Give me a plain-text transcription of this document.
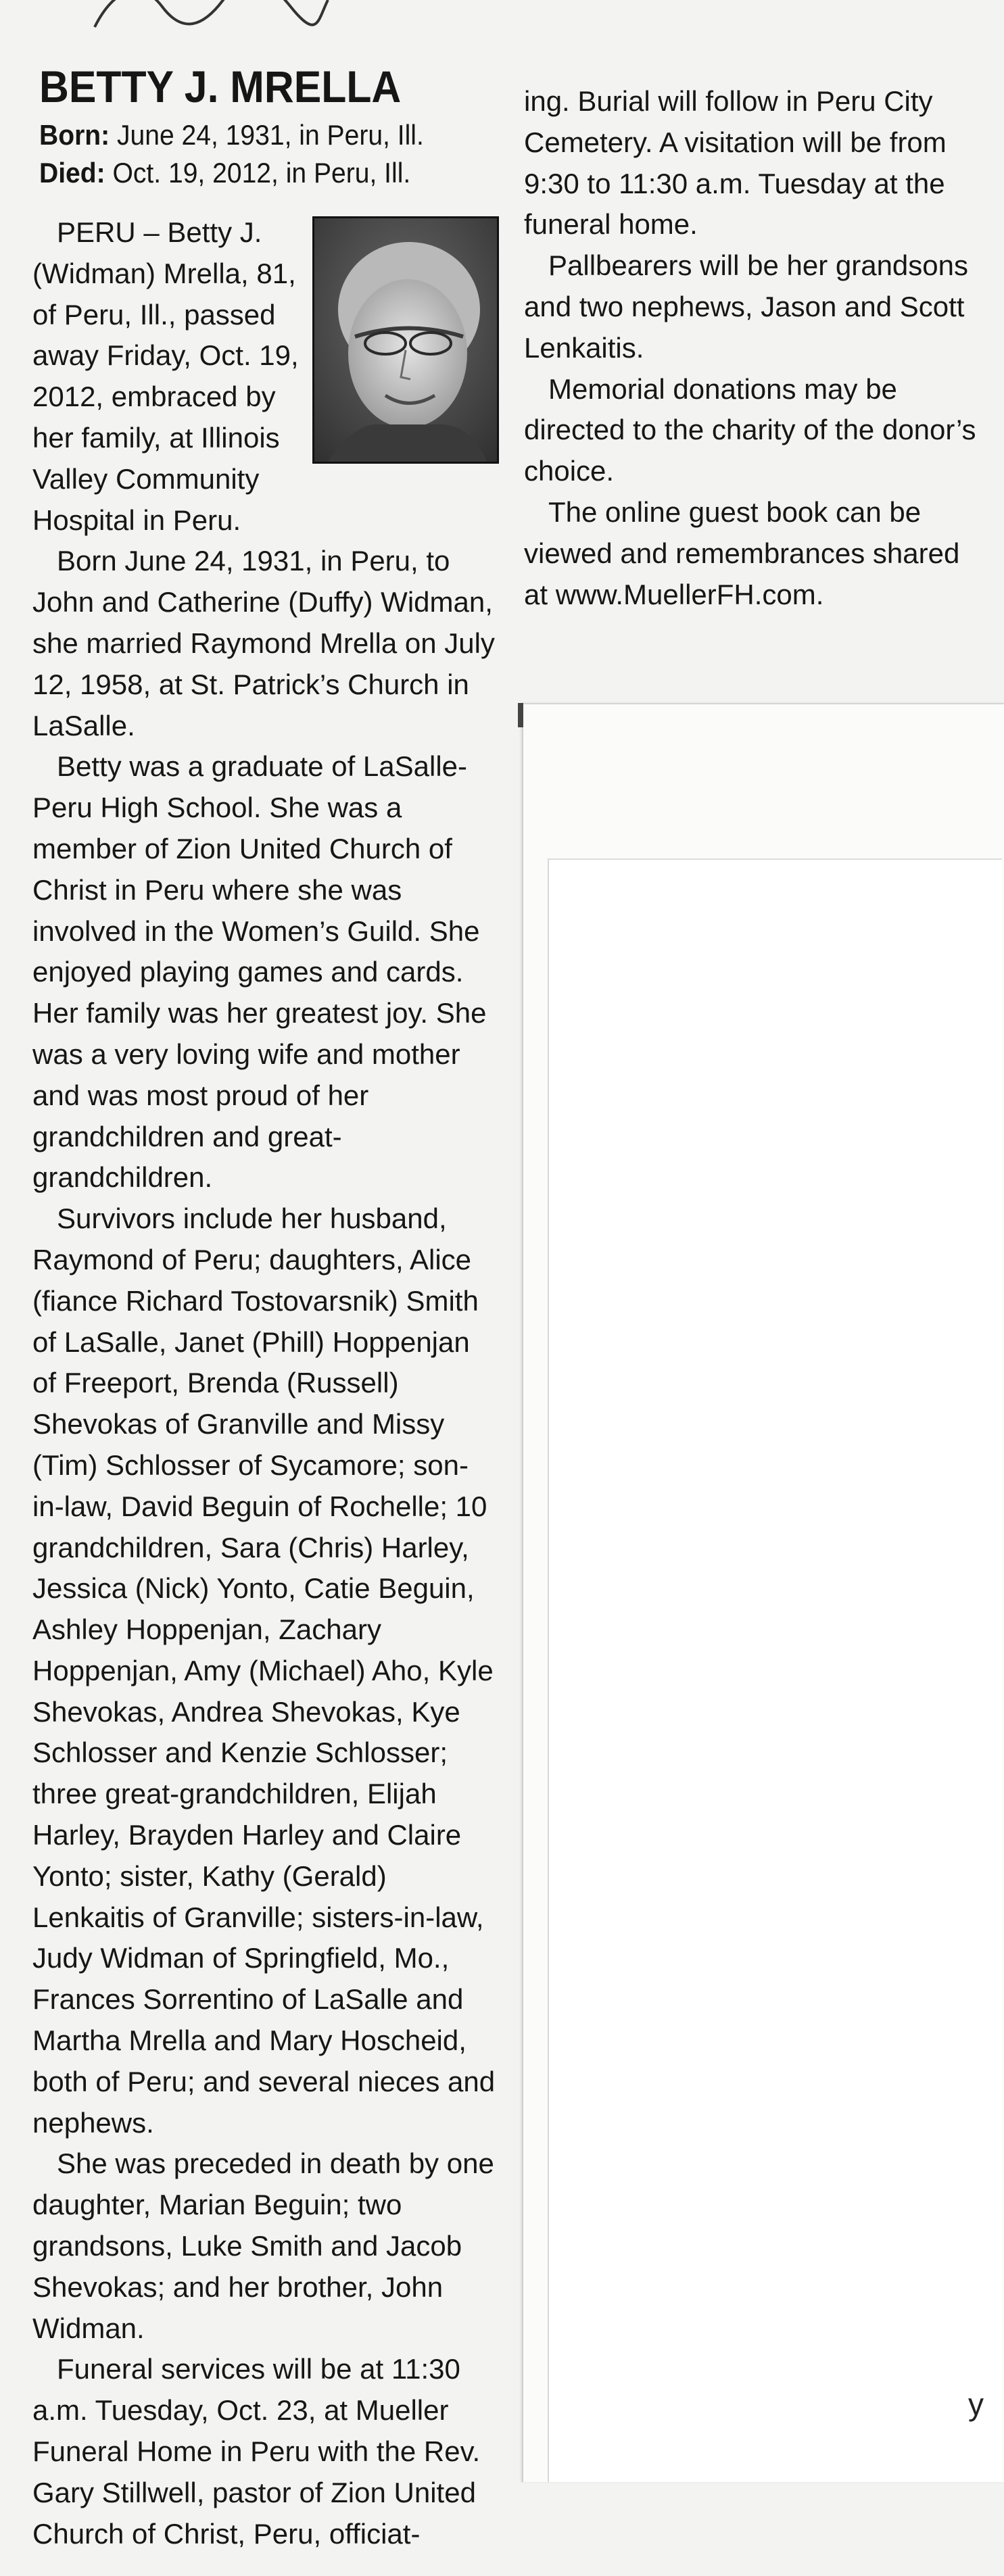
BETTY J. MRELLA
Born: June 24, 1931, in Peru, Ill.
Died: Oct. 19, 2012, in Peru, Ill.

PERU – Betty J. (Widman) Mrella, 81, of Peru, Ill., passed away Friday, Oct. 19, 2012, embraced by her family, at Illinois Valley Community Hospital in Peru.

Born June 24, 1931, in Peru, to John and Catherine (Duffy) Widman, she married Raymond Mrella on July 12, 1958, at St. Patrick’s Church in LaSalle.

Betty was a graduate of LaSalle-Peru High School. She was a member of Zion United Church of Christ in Peru where she was involved in the Women’s Guild. She enjoyed playing games and cards. Her family was her greatest joy. She was a very loving wife and mother and was most proud of her grandchildren and great-grandchildren.

Survivors include her husband, Raymond of Peru; daughters, Alice (fiance Richard Tostovarsnik) Smith of LaSalle, Janet (Phill) Hoppenjan of Freeport, Brenda (Russell) Shevokas of Granville and Missy (Tim) Schlosser of Sycamore; son-in-law, David Beguin of Rochelle; 10 grandchildren, Sara (Chris) Harley, Jessica (Nick) Yonto, Catie Beguin, Ashley Hoppenjan, Zachary Hoppenjan, Amy (Michael) Aho, Kyle Shevokas, Andrea Shevokas, Kye Schlosser and Kenzie Schlosser; three great-grandchildren, Elijah Harley, Brayden Harley and Claire Yonto; sister, Kathy (Gerald) Lenkaitis of Granville; sisters-in-law, Judy Widman of Springfield, Mo., Frances Sorrentino of LaSalle and Martha Mrella and Mary Hoscheid, both of Peru; and several nieces and nephews.

She was preceded in death by one daughter, Marian Beguin; two grandsons, Luke Smith and Jacob Shevokas; and her brother, John Widman.

Funeral services will be at 11:30 a.m. Tuesday, Oct. 23, at Mueller Funeral Home in Peru with the Rev. Gary Stillwell, pastor of Zion United Church of Christ, Peru, officiat-

ing. Burial will follow in Peru City Cemetery. A visitation will be from 9:30 to 11:30 a.m. Tuesday at the funeral home.

Pallbearers will be her grandsons and two nephews, Jason and Scott Lenkaitis.

Memorial donations may be directed to the charity of the donor’s choice.

The online guest book can be viewed and remembrances shared at www.MuellerFH.com.

y
